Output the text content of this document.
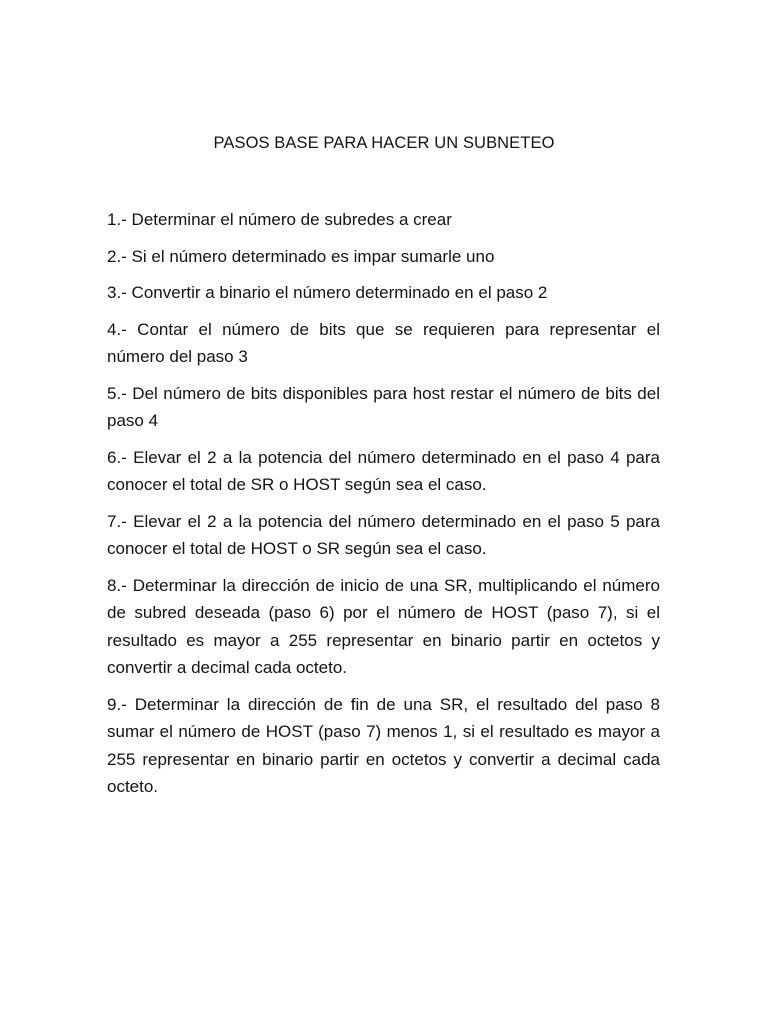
PASOS BASE PARA HACER UN SUBNETEO
1.- Determinar el número de subredes a crear
2.- Si el número determinado es impar sumarle uno
3.- Convertir a binario el número determinado en el paso 2
4.- Contar el número de bits que se requieren para representar el número del paso 3
5.- Del número de bits disponibles para host restar el número de bits del paso 4
6.- Elevar el 2 a la potencia del número determinado en el paso 4 para conocer el total de SR o HOST según sea el caso.
7.- Elevar el 2 a la potencia del número determinado en el paso 5 para conocer el total de HOST o SR según sea el caso.
8.- Determinar la dirección de inicio de una SR, multiplicando el número de subred deseada (paso 6) por el número de HOST (paso 7), si el resultado es mayor a 255 representar en binario partir en octetos y convertir a decimal cada octeto.
9.- Determinar la dirección de fin de una SR, el resultado del paso 8 sumar el número de HOST (paso 7) menos 1, si el resultado es mayor a 255 representar en binario partir en octetos y convertir a decimal cada octeto.
